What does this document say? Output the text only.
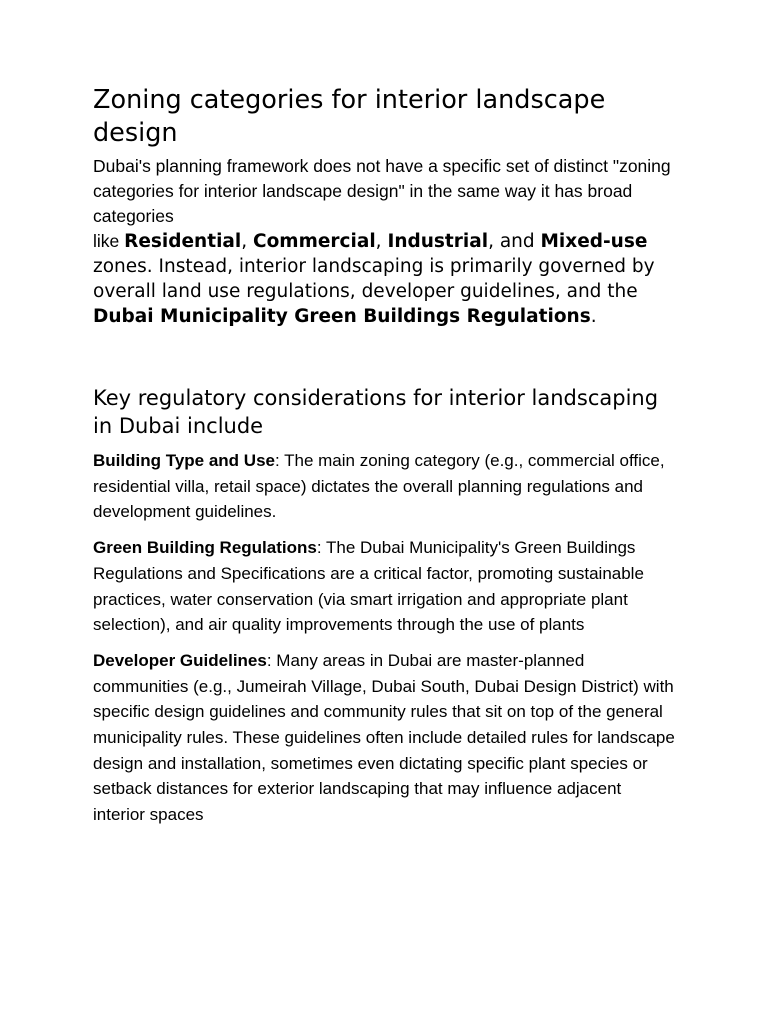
Zoning categories for interior landscape design

Dubai's planning framework does not have a specific set of distinct "zoning categories for interior landscape design" in the same way it has broad categories

like Residential, Commercial, Industrial, and Mixed-use zones. Instead, interior landscaping is primarily governed by overall land use regulations, developer guidelines, and the Dubai Municipality Green Buildings Regulations.

Key regulatory considerations for interior landscaping in Dubai include

Building Type and Use: The main zoning category (e.g., commercial office, residential villa, retail space) dictates the overall planning regulations and development guidelines.

Green Building Regulations: The Dubai Municipality's Green Buildings Regulations and Specifications are a critical factor, promoting sustainable practices, water conservation (via smart irrigation and appropriate plant selection), and air quality improvements through the use of plants

Developer Guidelines: Many areas in Dubai are master-planned communities (e.g., Jumeirah Village, Dubai South, Dubai Design District) with specific design guidelines and community rules that sit on top of the general municipality rules. These guidelines often include detailed rules for landscape design and installation, sometimes even dictating specific plant species or setback distances for exterior landscaping that may influence adjacent interior spaces
